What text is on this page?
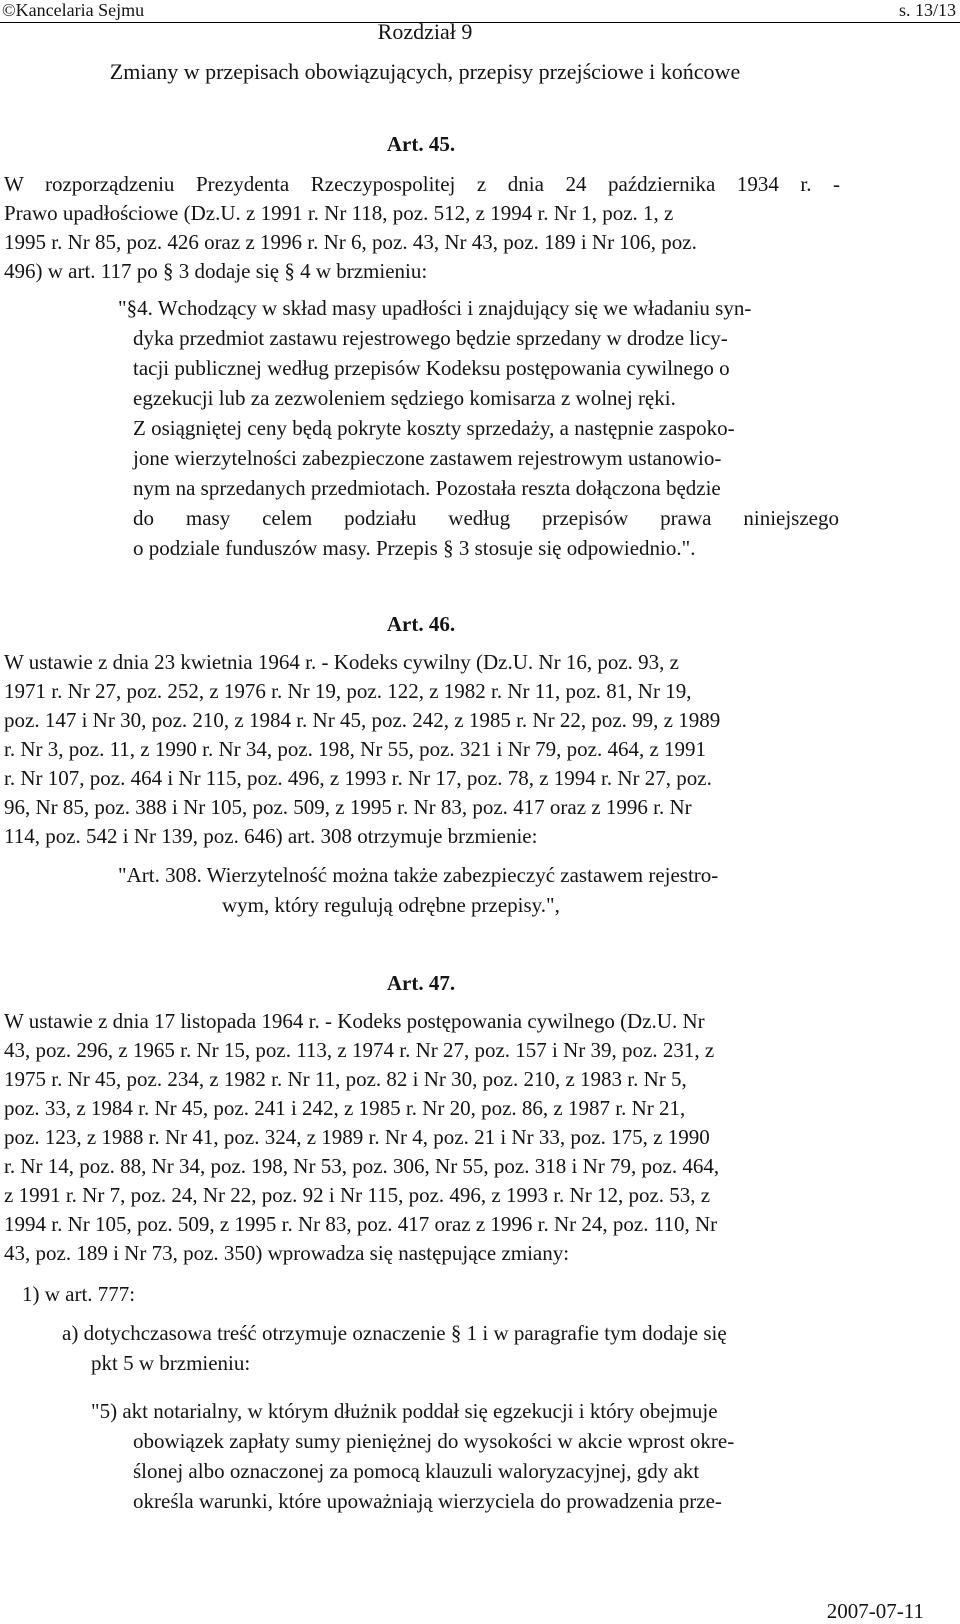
©Kancelaria Sejmu	s. 13/13
Rozdział 9
Zmiany w przepisach obowiązujących, przepisy przejściowe i końcowe
Art. 45.
W rozporządzeniu Prezydenta Rzeczypospolitej z dnia 24 października 1934 r. -
Prawo upadłościowe (Dz.U. z 1991 r. Nr 118, poz. 512, z 1994 r. Nr 1, poz. 1, z
1995 r. Nr 85, poz. 426 oraz z 1996 r. Nr 6, poz. 43, Nr 43, poz. 189 i Nr 106, poz.
496) w art. 117 po § 3 dodaje się § 4 w brzmieniu:
"§4. Wchodzący w skład masy upadłości i znajdujący się we władaniu syn-
dyka przedmiot zastawu rejestrowego będzie sprzedany w drodze licy-
tacji publicznej według przepisów Kodeksu postępowania cywilnego o
egzekucji lub za zezwoleniem sędziego komisarza z wolnej ręki.
Z osiągniętej ceny będą pokryte koszty sprzedaży, a następnie zaspoko-
jone wierzytelności zabezpieczone zastawem rejestrowym ustanowio-
nym na sprzedanych przedmiotach. Pozostała reszta dołączona będzie
do masy celem podziału według przepisów prawa niniejszego
o podziale funduszów masy. Przepis § 3 stosuje się odpowiednio.".
Art. 46.
W ustawie z dnia 23 kwietnia 1964 r. - Kodeks cywilny (Dz.U. Nr 16, poz. 93, z
1971 r. Nr 27, poz. 252, z 1976 r. Nr 19, poz. 122, z 1982 r. Nr 11, poz. 81, Nr 19,
poz. 147 i Nr 30, poz. 210, z 1984 r. Nr 45, poz. 242, z 1985 r. Nr 22, poz. 99, z 1989
r. Nr 3, poz. 11, z 1990 r. Nr 34, poz. 198, Nr 55, poz. 321 i Nr 79, poz. 464, z 1991
r. Nr 107, poz. 464 i Nr 115, poz. 496, z 1993 r. Nr 17, poz. 78, z 1994 r. Nr 27, poz.
96, Nr 85, poz. 388 i Nr 105, poz. 509, z 1995 r. Nr 83, poz. 417 oraz z 1996 r. Nr
114, poz. 542 i Nr 139, poz. 646) art. 308 otrzymuje brzmienie:
"Art. 308. Wierzytelność można także zabezpieczyć zastawem rejestro-
wym, który regulują odrębne przepisy.",
Art. 47.
W ustawie z dnia 17 listopada 1964 r. - Kodeks postępowania cywilnego (Dz.U. Nr
43, poz. 296, z 1965 r. Nr 15, poz. 113, z 1974 r. Nr 27, poz. 157 i Nr 39, poz. 231, z
1975 r. Nr 45, poz. 234, z 1982 r. Nr 11, poz. 82 i Nr 30, poz. 210, z 1983 r. Nr 5,
poz. 33, z 1984 r. Nr 45, poz. 241 i 242, z 1985 r. Nr 20, poz. 86, z 1987 r. Nr 21,
poz. 123, z 1988 r. Nr 41, poz. 324, z 1989 r. Nr 4, poz. 21 i Nr 33, poz. 175, z 1990
r. Nr 14, poz. 88, Nr 34, poz. 198, Nr 53, poz. 306, Nr 55, poz. 318 i Nr 79, poz. 464,
z 1991 r. Nr 7, poz. 24, Nr 22, poz. 92 i Nr 115, poz. 496, z 1993 r. Nr 12, poz. 53, z
1994 r. Nr 105, poz. 509, z 1995 r. Nr 83, poz. 417 oraz z 1996 r. Nr 24, poz. 110, Nr
43, poz. 189 i Nr 73, poz. 350) wprowadza się następujące zmiany:
1) w art. 777:
a) dotychczasowa treść otrzymuje oznaczenie § 1 i w paragrafie tym dodaje się
pkt 5 w brzmieniu:
"5) akt notarialny, w którym dłużnik poddał się egzekucji i który obejmuje
obowiązek zapłaty sumy pieniężnej do wysokości w akcie wprost okre-
ślonej albo oznaczonej za pomocą klauzuli waloryzacyjnej, gdy akt
określa warunki, które upoważniają wierzyciela do prowadzenia prze-
2007-07-11
